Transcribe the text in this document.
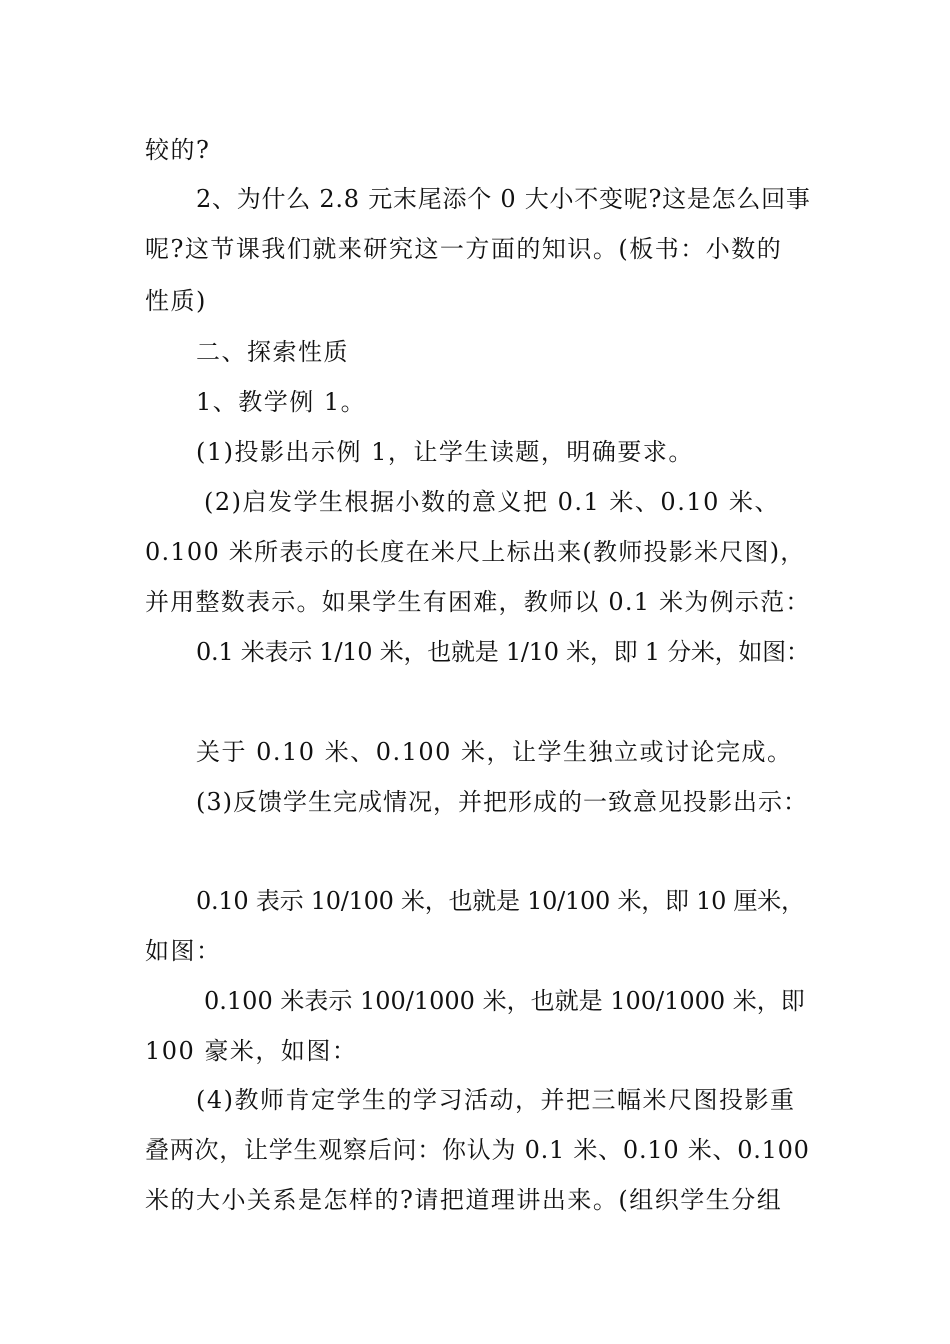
较的?
2、为什么 2.8 元末尾添个 0 大小不变呢?这是怎么回事
呢?这节课我们就来研究这一方面的知识。(板书：小数的
性质)
二、探索性质
1、教学例 1。
(1)投影出示例 1，让学生读题，明确要求。
(2)启发学生根据小数的意义把 0.1 米、0.10 米、
0.100 米所表示的长度在米尺上标出来(教师投影米尺图)，
并用整数表示。如果学生有困难，教师以 0.1 米为例示范：
0.1 米表示 1/10 米，也就是 1/10 米，即 1 分米，如图：
关于 0.10 米、0.100 米，让学生独立或讨论完成。
(3)反馈学生完成情况，并把形成的一致意见投影出示：
0.10 表示 10/100 米，也就是 10/100 米，即 10 厘米，
如图：
0.100 米表示 100/1000 米，也就是 100/1000 米，即
100 豪米，如图：
(4)教师肯定学生的学习活动，并把三幅米尺图投影重
叠两次，让学生观察后问：你认为 0.1 米、0.10 米、0.100
米的大小关系是怎样的?请把道理讲出来。(组织学生分组
